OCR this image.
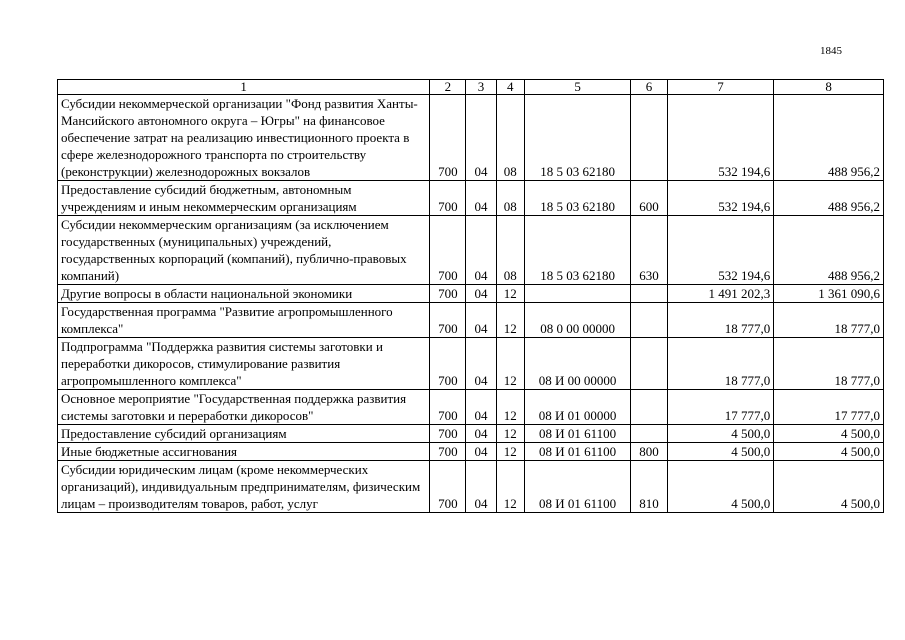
1845
1	2	3	4	5	6	7	8
Субсидии некоммерческой организации "Фонд развития Ханты-Мансийского автономного округа – Югры" на финансовое обеспечение затрат на реализацию инвестиционного проекта в сфере железнодорожного транспорта по строительству (реконструкции) железнодорожных вокзалов	700	04	08	18 5 03 62180		532 194,6	488 956,2
Предоставление субсидий бюджетным, автономным учреждениям и иным некоммерческим организациям	700	04	08	18 5 03 62180	600	532 194,6	488 956,2
Субсидии некоммерческим организациям (за исключением государственных (муниципальных) учреждений, государственных корпораций (компаний), публично-правовых компаний)	700	04	08	18 5 03 62180	630	532 194,6	488 956,2
Другие вопросы в области национальной экономики	700	04	12			1 491 202,3	1 361 090,6
Государственная программа "Развитие агропромышленного комплекса"	700	04	12	08 0 00 00000		18 777,0	18 777,0
Подпрограмма "Поддержка развития системы заготовки и переработки дикоросов, стимулирование развития агропромышленного комплекса"	700	04	12	08 И 00 00000		18 777,0	18 777,0
Основное мероприятие "Государственная поддержка развития системы заготовки и переработки дикоросов"	700	04	12	08 И 01 00000		17 777,0	17 777,0
Предоставление субсидий организациям	700	04	12	08 И 01 61100		4 500,0	4 500,0
Иные бюджетные ассигнования	700	04	12	08 И 01 61100	800	4 500,0	4 500,0
Субсидии юридическим лицам (кроме некоммерческих организаций), индивидуальным предпринимателям, физическим лицам – производителям товаров, работ, услуг	700	04	12	08 И 01 61100	810	4 500,0	4 500,0
